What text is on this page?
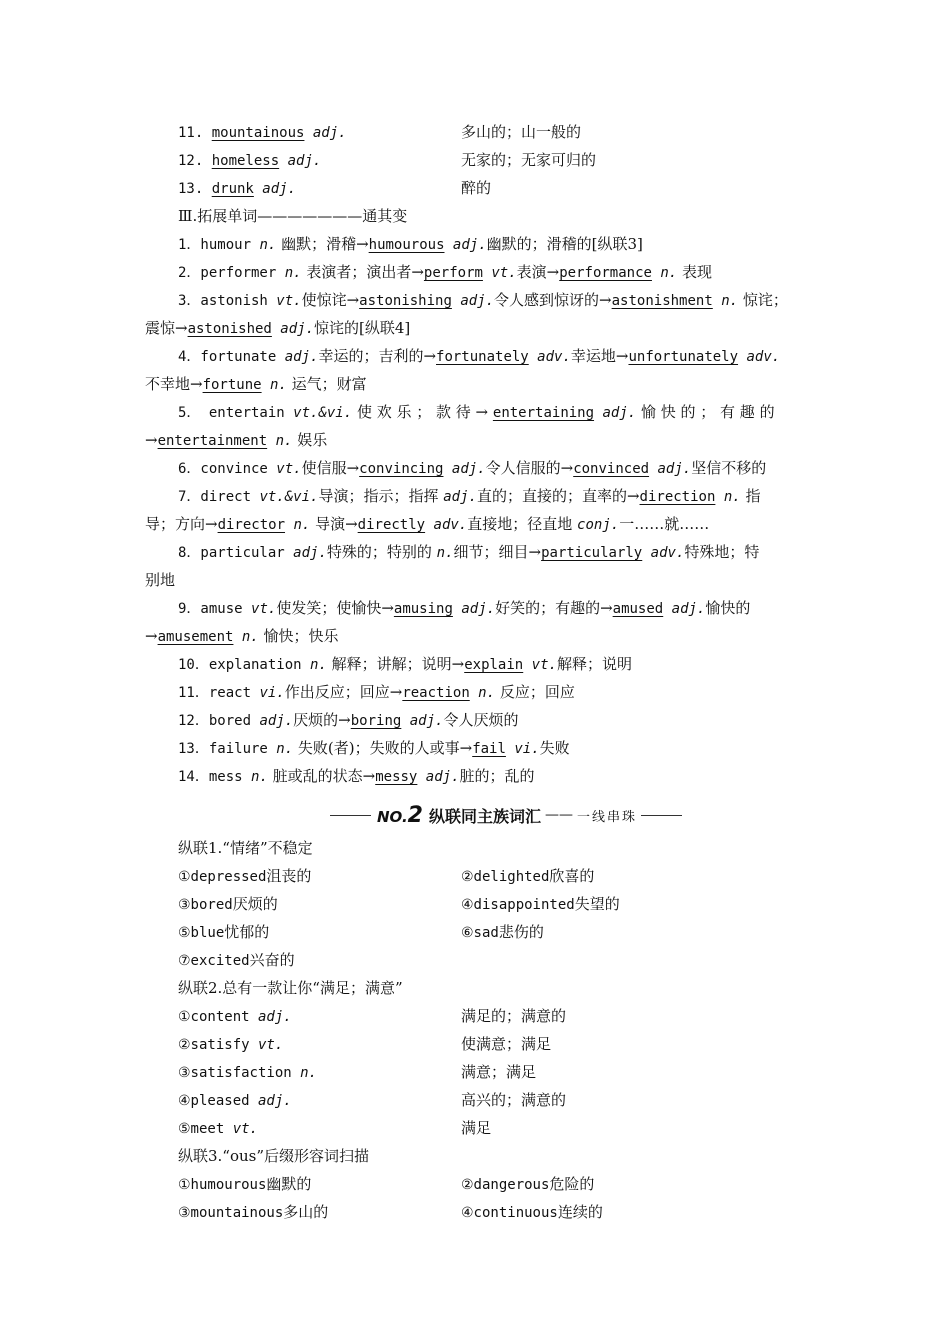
11. mountainous adj.	多山的；山一般的
12. homeless adj.	无家的；无家可归的
13. drunk adj.	醉的
Ⅲ.拓展单词———————通其变
1．humour n. 幽默；滑稽→humourous adj.幽默的；滑稽的[纵联3]
2．performer n. 表演者；演出者→perform vt.表演→performance n. 表现
3．astonish vt.使惊诧→astonishing adj.令人感到惊讶的→astonishment n. 惊诧；
震惊→astonished adj.惊诧的[纵联4]
4．fortunate adj.幸运的；吉利的→fortunately adv.幸运地→unfortunately adv.
不幸地→fortune n. 运气；财富
5． entertain vt.&vi. 使 欢 乐 ； 款 待 → entertaining adj. 愉 快 的 ； 有 趣 的
→entertainment n. 娱乐
6．convince vt.使信服→convincing adj.令人信服的→convinced adj.坚信不移的
7．direct vt.&vi.导演；指示；指挥 adj.直的；直接的；直率的→direction n. 指
导；方向→director n. 导演→directly adv.直接地；径直地 conj.一……就……
8．particular adj.特殊的；特别的 n.细节；细目→particularly adv.特殊地；特
别地
9．amuse vt.使发笑；使愉快→amusing adj.好笑的；有趣的→amused adj.愉快的
→amusement n. 愉快；快乐
10．explanation n. 解释；讲解；说明→explain vt.解释；说明
11．react vi.作出反应；回应→reaction n. 反应；回应
12．bored adj.厌烦的→boring adj.令人厌烦的
13．failure n. 失败(者)；失败的人或事→fail vi.失败
14．mess n. 脏或乱的状态→messy adj.脏的；乱的
NO.2 纵联同主族词汇 —— 一线串珠
纵联1.“情绪”不稳定
①depressed沮丧的	②delighted欣喜的
③bored厌烦的	④disappointed失望的
⑤blue忧郁的	⑥sad悲伤的
⑦excited兴奋的
纵联2.总有一款让你“满足；满意”
①content adj.	满足的；满意的
②satisfy vt.	使满意；满足
③satisfaction n.	满意；满足
④pleased adj.	高兴的；满意的
⑤meet vt.	满足
纵联3.“ous”后缀形容词扫描
①humourous幽默的	②dangerous危险的
③mountainous多山的	④continuous连续的
